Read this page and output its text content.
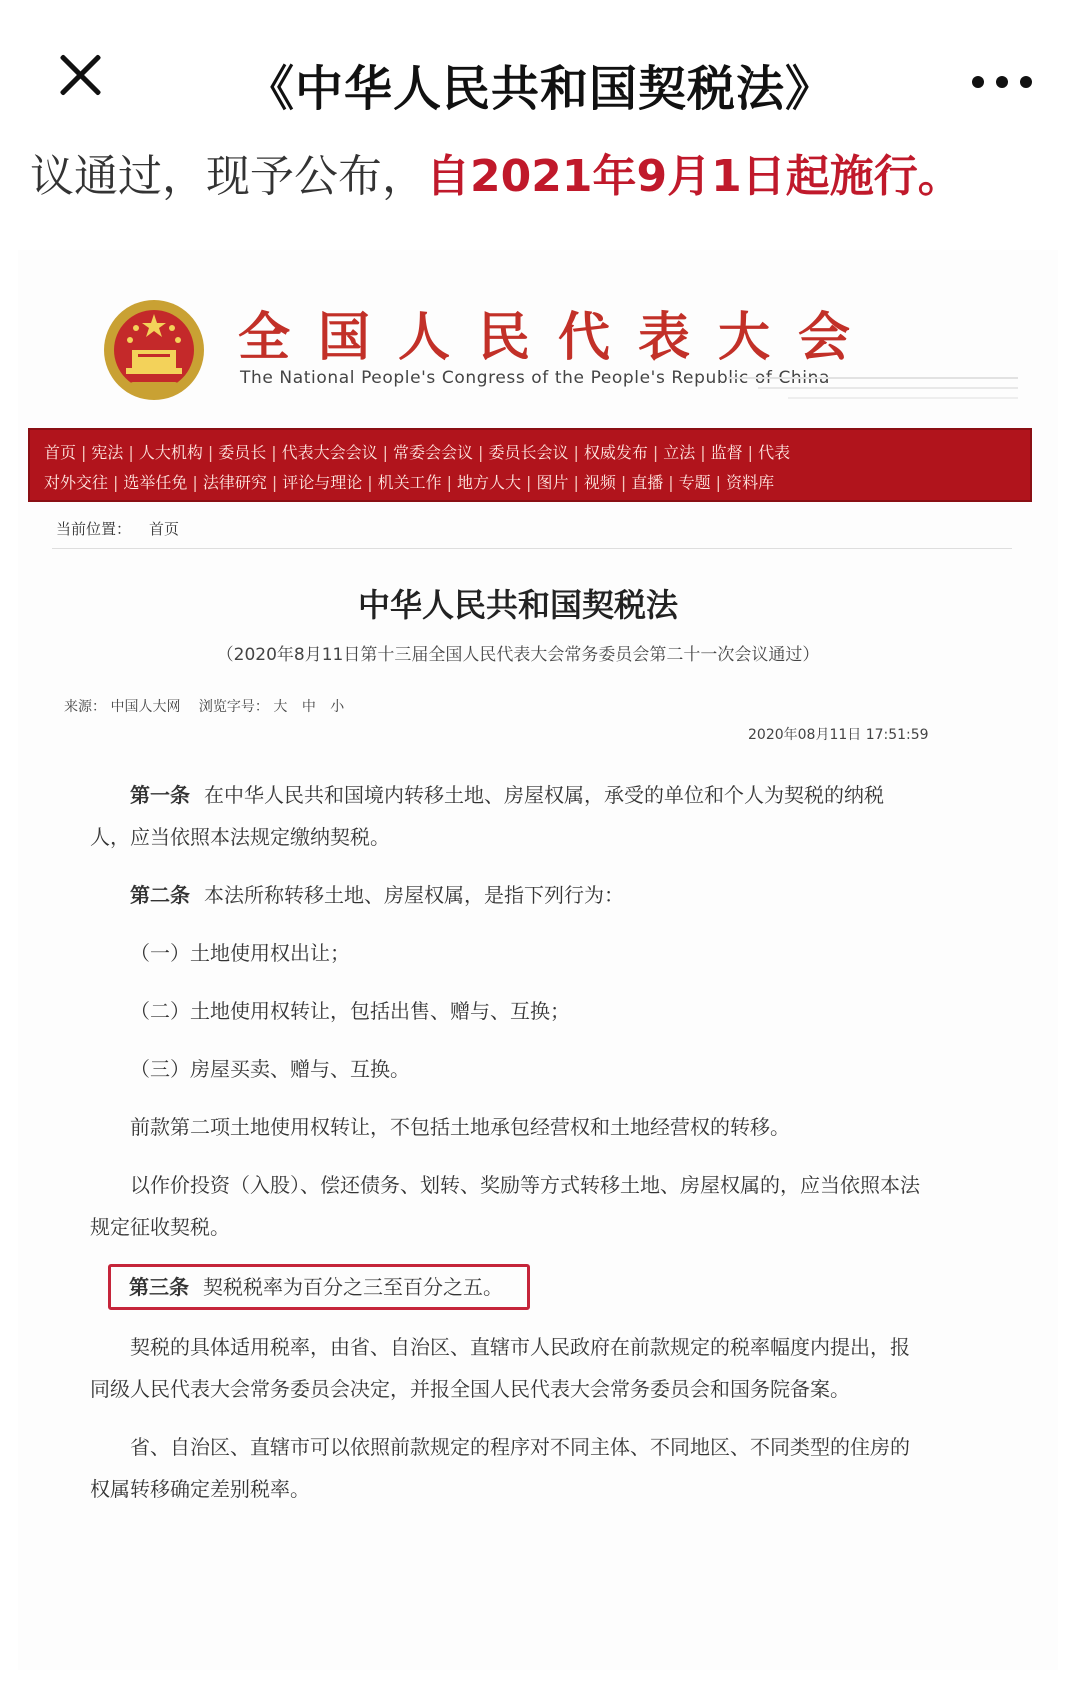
《中华人民共和国契税法》
议通过，现予公布，自2021年9月1日起施行。
全国人民代表大会
The National People's Congress of the People's Republic of China
首页 | 宪法 | 人大机构 | 委员长 | 代表大会会议 | 常委会会议 | 委员长会议 | 权威发布 | 立法 | 监督 | 代表
对外交往 | 选举任免 | 法律研究 | 评论与理论 | 机关工作 | 地方人大 | 图片 | 视频 | 直播 | 专题 | 资料库
当前位置： 首页
中华人民共和国契税法
（2020年8月11日第十三届全国人民代表大会常务委员会第二十一次会议通过）
来源： 中国人大网 浏览字号： 大 中 小
2020年08月11日 17:51:59

第一条 在中华人民共和国境内转移土地、房屋权属，承受的单位和个人为契税的纳税人，应当依照本法规定缴纳契税。

第二条 本法所称转移土地、房屋权属，是指下列行为：

（一）土地使用权出让；

（二）土地使用权转让，包括出售、赠与、互换；

（三）房屋买卖、赠与、互换。

前款第二项土地使用权转让，不包括土地承包经营权和土地经营权的转移。

以作价投资（入股）、偿还债务、划转、奖励等方式转移土地、房屋权属的，应当依照本法规定征收契税。

第三条 契税税率为百分之三至百分之五。

契税的具体适用税率，由省、自治区、直辖市人民政府在前款规定的税率幅度内提出，报同级人民代表大会常务委员会决定，并报全国人民代表大会常务委员会和国务院备案。

省、自治区、直辖市可以依照前款规定的程序对不同主体、不同地区、不同类型的住房的权属转移确定差别税率。
